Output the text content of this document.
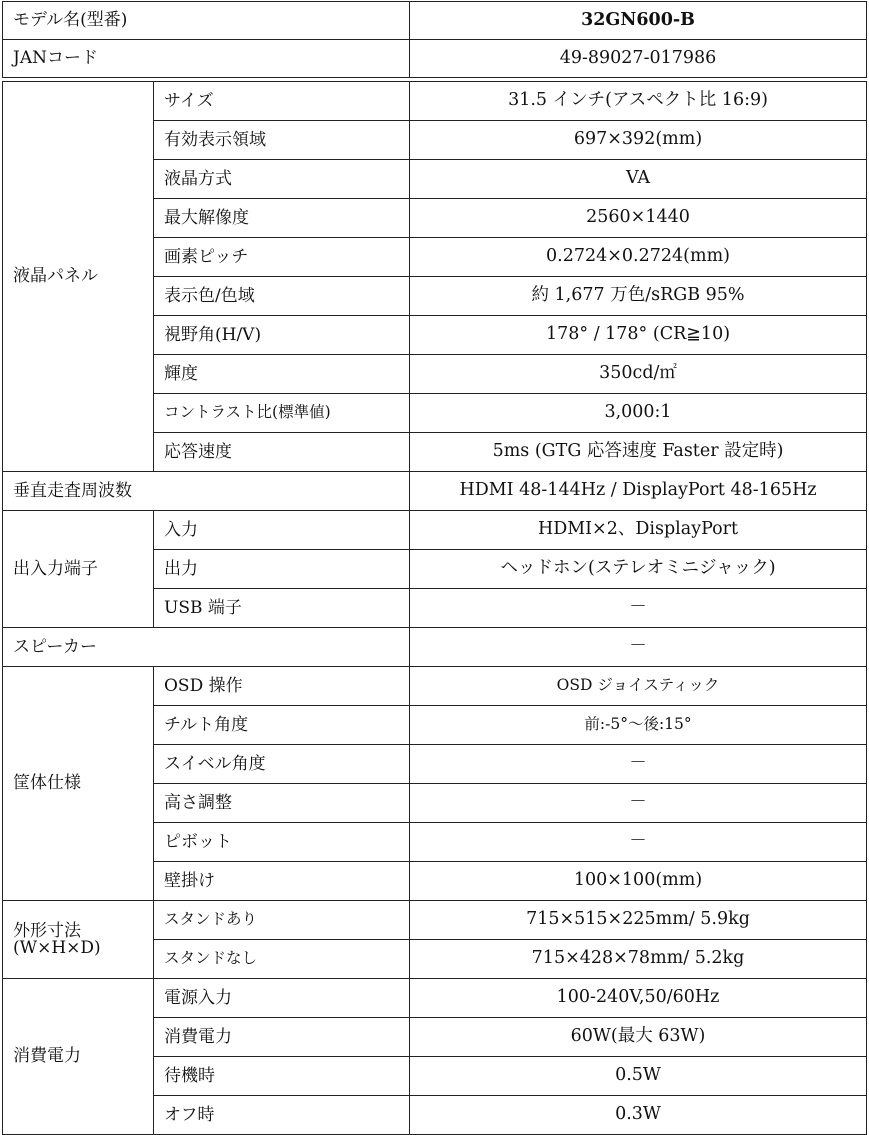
モデル名(型番)		32GN600-B
JANコード		49-89027-017986

液晶パネル	サイズ	31.5 インチ(アスペクト比 16:9)
	有効表示領域	697×392(mm)
	液晶方式	VA
	最大解像度	2560×1440
	画素ピッチ	0.2724×0.2724(mm)
	表示色/色域	約 1,677 万色/sRGB 95%
	視野角(H/V)	178° / 178° (CR≧10)
	輝度	350cd/㎡
	コントラスト比(標準値)	3,000:1
	応答速度	5ms (GTG 応答速度 Faster 設定時)
垂直走査周波数		HDMI 48-144Hz / DisplayPort 48-165Hz
出入力端子	入力	HDMI×2、DisplayPort
	出力	ヘッドホン(ステレオミニジャック)
	USB 端子	－
スピーカー		－
筐体仕様	OSD 操作	OSD ジョイスティック
	チルト角度	前:-5°～後:15°
	スイベル角度	－
	高さ調整	－
	ピボット	－
	壁掛け	100×100(mm)

外形寸法
(W×H×D)	スタンドあり	715×515×225mm/ 5.9kg
	スタンドなし	715×428×78mm/ 5.2kg
消費電力	電源入力	100-240V,50/60Hz
	消費電力	60W(最大 63W)
	待機時	0.5W
	オフ時	0.3W
